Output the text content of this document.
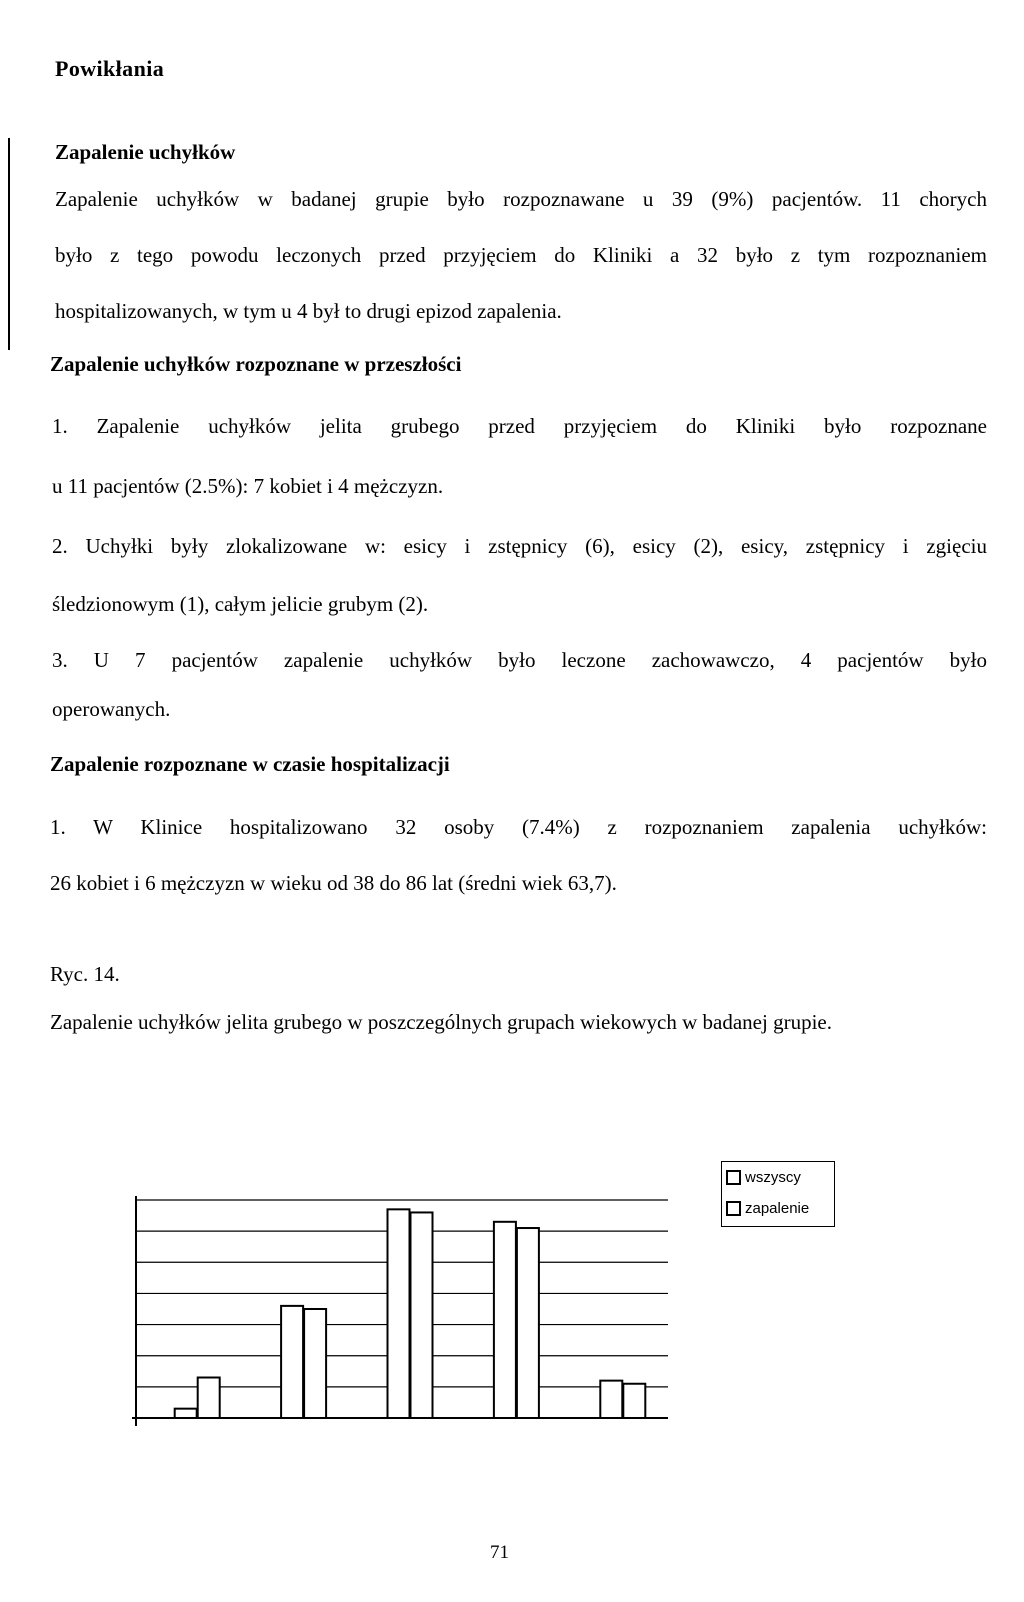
Powikłania
Zapalenie uchyłków

Zapalenie uchyłków w badanej grupie było rozpoznawane u 39 (9%) pacjentów. 11 chorych

było z tego powodu leczonych przed przyjęciem do Kliniki a 32 było z tym rozpoznaniem

hospitalizowanych, w tym u 4 był to drugi epizod zapalenia.

Zapalenie uchyłków rozpoznane w przeszłości

1. Zapalenie uchyłków jelita grubego przed przyjęciem do Kliniki było rozpoznane

u 11 pacjentów (2.5%): 7 kobiet i 4 mężczyzn.

2. Uchyłki były zlokalizowane w: esicy i zstępnicy (6), esicy (2), esicy, zstępnicy i zgięciu

śledzionowym (1), całym jelicie grubym (2).

3. U 7 pacjentów zapalenie uchyłków było leczone zachowawczo, 4 pacjentów było

operowanych.

Zapalenie rozpoznane w czasie hospitalizacji

1. W Klinice hospitalizowano 32 osoby (7.4%) z rozpoznaniem zapalenia uchyłków:

26 kobiet i 6 mężczyzn w wieku od 38 do 86 lat (średni wiek 63,7).

Ryc. 14.

Zapalenie uchyłków jelita grubego w poszczególnych grupach wiekowych w badanej grupie.

wszyscy
zapalenie

71
